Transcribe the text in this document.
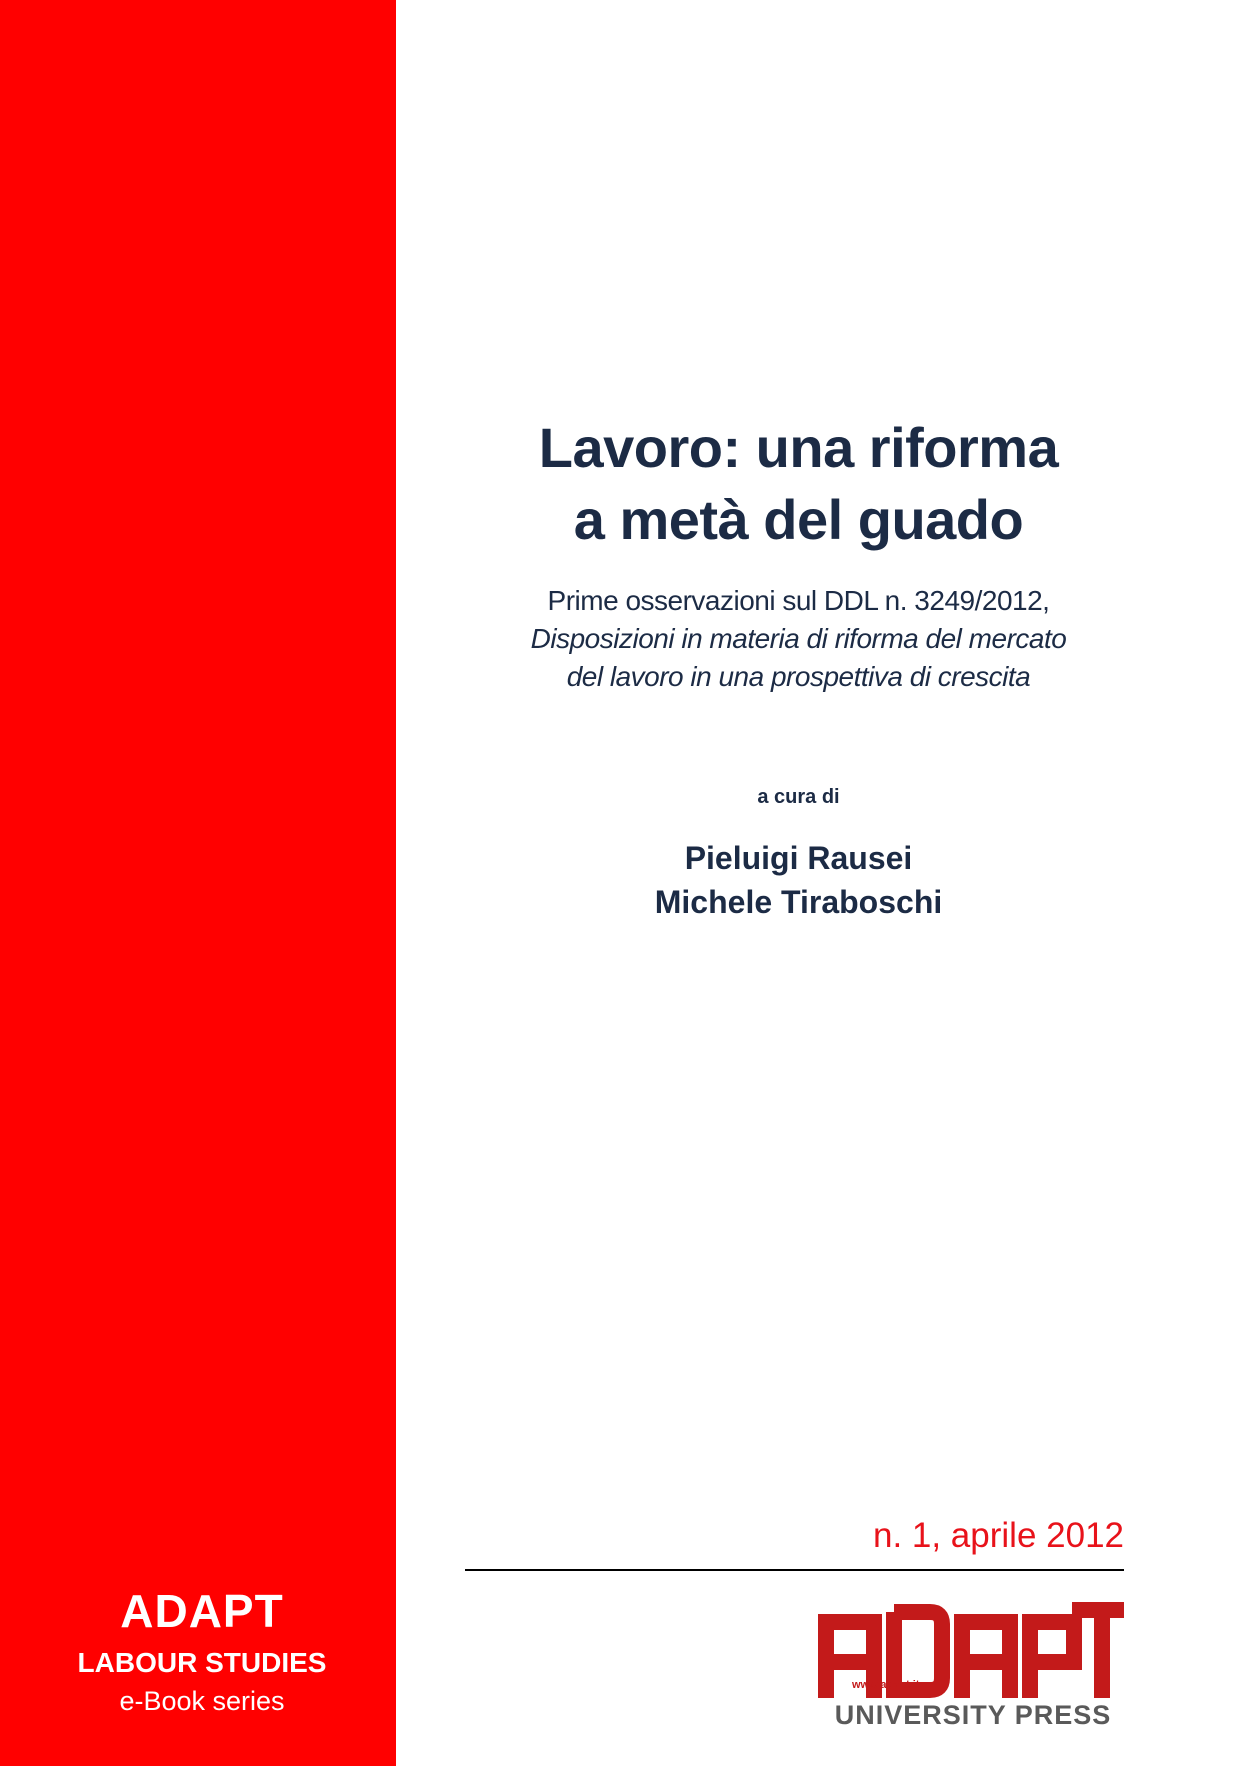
ADAPT
LABOUR STUDIES
e-Book series
Lavoro: una riforma
a metà del guado
Prime osservazioni sul DDL n. 3249/2012,
Disposizioni in materia di riforma del mercato
del lavoro in una prospettiva di crescita
a cura di
Pieluigi Rausei
Michele Tiraboschi
n. 1, aprile 2012
www.adapt.it
UNIVERSITY PRESS
